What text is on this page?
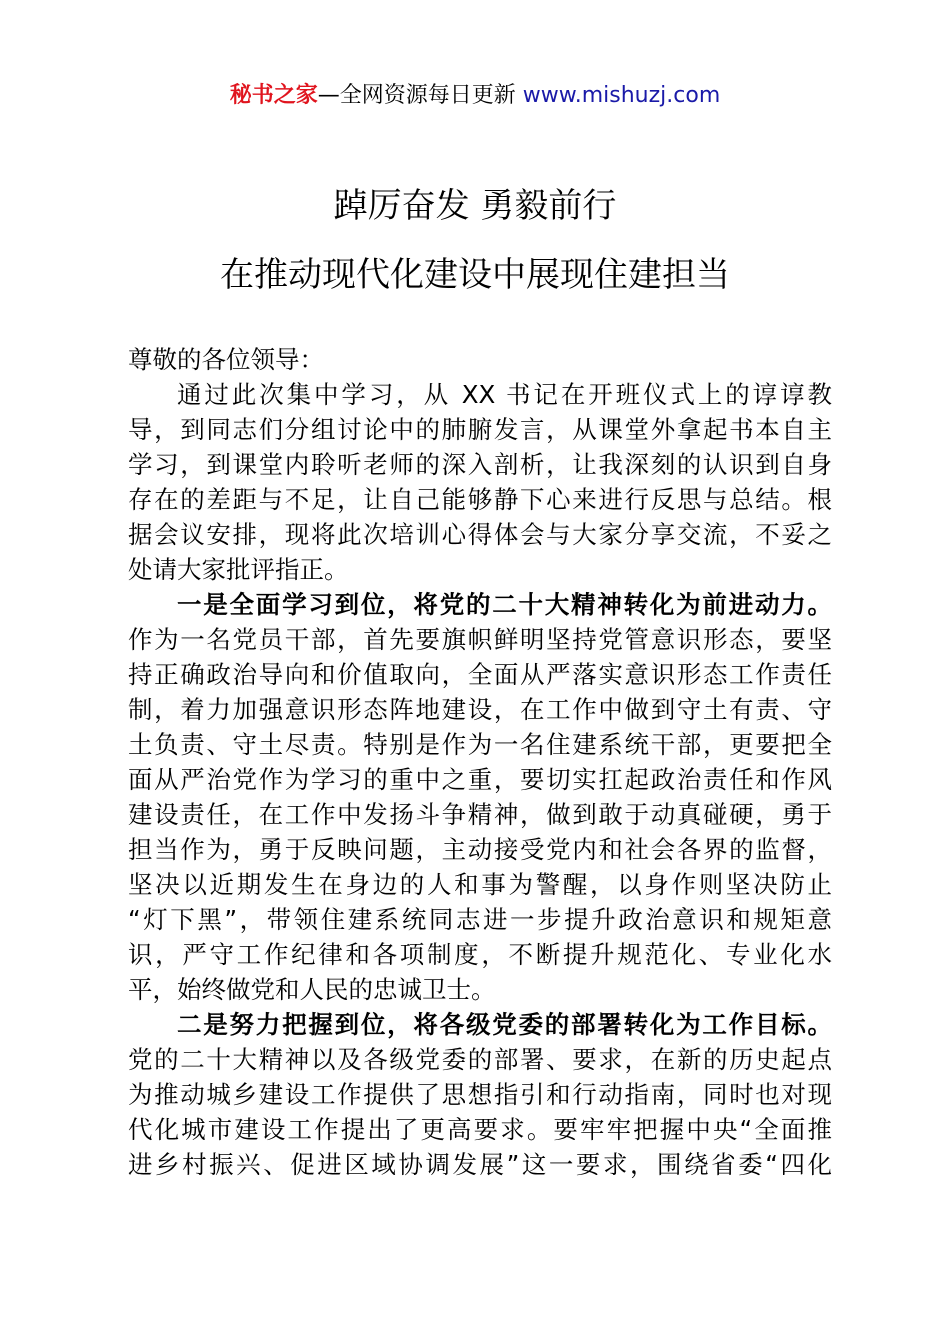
秘书之家—全网资源每日更新 www.mishuzj.com
踔厉奋发 勇毅前行
在推动现代化建设中展现住建担当
尊敬的各位领导：
通过此次集中学习，从 XX 书记在开班仪式上的谆谆教
导，到同志们分组讨论中的肺腑发言，从课堂外拿起书本自主
学习，到课堂内聆听老师的深入剖析，让我深刻的认识到自身
存在的差距与不足，让自己能够静下心来进行反思与总结。根
据会议安排，现将此次培训心得体会与大家分享交流，不妥之
处请大家批评指正。
一是全面学习到位，将党的二十大精神转化为前进动力。
作为一名党员干部，首先要旗帜鲜明坚持党管意识形态，要坚
持正确政治导向和价值取向，全面从严落实意识形态工作责任
制，着力加强意识形态阵地建设，在工作中做到守土有责、守
土负责、守土尽责。特别是作为一名住建系统干部，更要把全
面从严治党作为学习的重中之重，要切实扛起政治责任和作风
建设责任，在工作中发扬斗争精神，做到敢于动真碰硬，勇于
担当作为，勇于反映问题，主动接受党内和社会各界的监督，
坚决以近期发生在身边的人和事为警醒，以身作则坚决防止
“灯下黑”，带领住建系统同志进一步提升政治意识和规矩意
识，严守工作纪律和各项制度，不断提升规范化、专业化水
平，始终做党和人民的忠诚卫士。
二是努力把握到位，将各级党委的部署转化为工作目标。
党的二十大精神以及各级党委的部署、要求，在新的历史起点
为推动城乡建设工作提供了思想指引和行动指南，同时也对现
代化城市建设工作提出了更高要求。要牢牢把握中央“全面推
进乡村振兴、促进区域协调发展”这一要求，围绕省委“四化
